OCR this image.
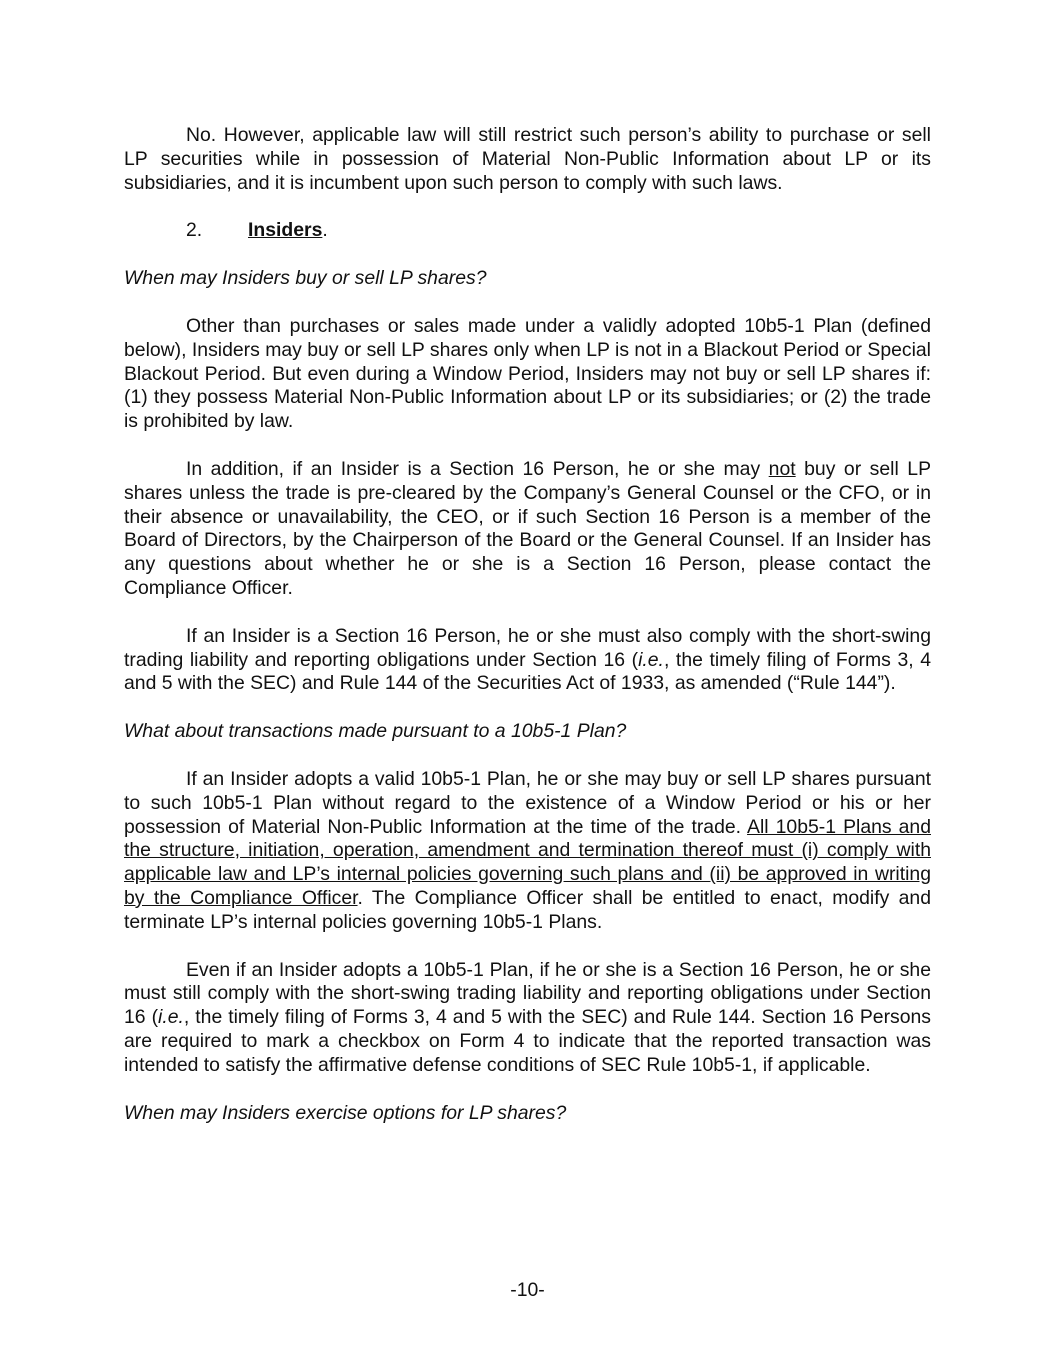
No. However, applicable law will still restrict such person’s ability to purchase or sell LP securities while in possession of Material Non-Public Information about LP or its subsidiaries, and it is incumbent upon such person to comply with such laws.

2. Insiders.

When may Insiders buy or sell LP shares?

Other than purchases or sales made under a validly adopted 10b5-1 Plan (defined below), Insiders may buy or sell LP shares only when LP is not in a Blackout Period or Special Blackout Period. But even during a Window Period, Insiders may not buy or sell LP shares if: (1) they possess Material Non-Public Information about LP or its subsidiaries; or (2) the trade is prohibited by law.

In addition, if an Insider is a Section 16 Person, he or she may not buy or sell LP shares unless the trade is pre-cleared by the Company’s General Counsel or the CFO, or in their absence or unavailability, the CEO, or if such Section 16 Person is a member of the Board of Directors, by the Chairperson of the Board or the General Counsel. If an Insider has any questions about whether he or she is a Section 16 Person, please contact the Compliance Officer.

If an Insider is a Section 16 Person, he or she must also comply with the short-swing trading liability and reporting obligations under Section 16 (i.e., the timely filing of Forms 3, 4 and 5 with the SEC) and Rule 144 of the Securities Act of 1933, as amended (“Rule 144”).

What about transactions made pursuant to a 10b5-1 Plan?

If an Insider adopts a valid 10b5-1 Plan, he or she may buy or sell LP shares pursuant to such 10b5-1 Plan without regard to the existence of a Window Period or his or her possession of Material Non-Public Information at the time of the trade. All 10b5-1 Plans and the structure, initiation, operation, amendment and termination thereof must (i) comply with applicable law and LP’s internal policies governing such plans and (ii) be approved in writing by the Compliance Officer. The Compliance Officer shall be entitled to enact, modify and terminate LP’s internal policies governing 10b5-1 Plans.

Even if an Insider adopts a 10b5-1 Plan, if he or she is a Section 16 Person, he or she must still comply with the short-swing trading liability and reporting obligations under Section 16 (i.e., the timely filing of Forms 3, 4 and 5 with the SEC) and Rule 144. Section 16 Persons are required to mark a checkbox on Form 4 to indicate that the reported transaction was intended to satisfy the affirmative defense conditions of SEC Rule 10b5-1, if applicable.

When may Insiders exercise options for LP shares?

-10-
